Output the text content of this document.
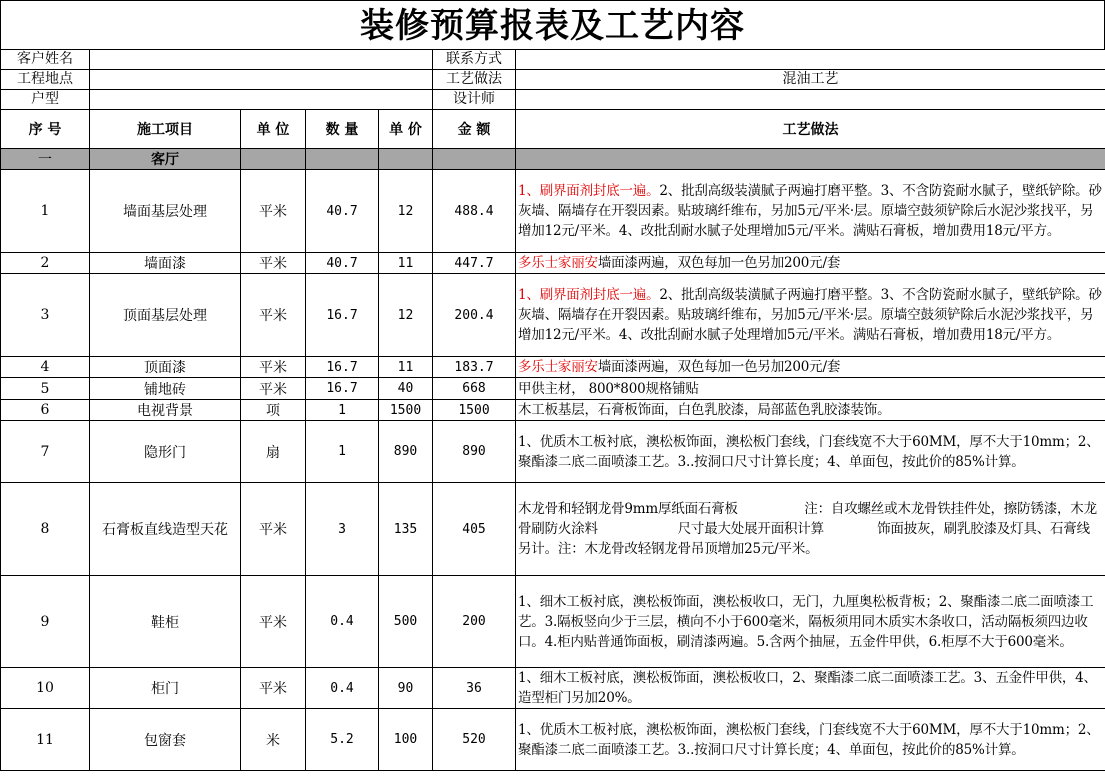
装修预算报表及工艺内容
客户姓名					联系方式	
工程地点					工艺做法	混油工艺
户型					设计师	
序 号	施工项目	单 位	数 量	单 价	金 额	工艺做法
一	客厅					
1	墙面基层处理	平米	40.7	12	488.4	1、刷界面剂封底一遍。2、批刮高级装潢腻子两遍打磨平整。3、不含防瓷耐水腻子，壁纸铲除。砂灰墙、隔墙存在开裂因素。贴玻璃纤维布，另加5元/平米·层。原墙空鼓须铲除后水泥沙浆找平，另增加12元/平米。4、改批刮耐水腻子处理增加5元/平米。满贴石膏板，增加费用18元/平方。
2	墙面漆	平米	40.7	11	447.7	多乐士家丽安墙面漆两遍，双色每加一色另加200元/套
3	顶面基层处理	平米	16.7	12	200.4	1、刷界面剂封底一遍。2、批刮高级装潢腻子两遍打磨平整。3、不含防瓷耐水腻子，壁纸铲除。砂灰墙、隔墙存在开裂因素。贴玻璃纤维布，另加5元/平米·层。原墙空鼓须铲除后水泥沙浆找平，另增加12元/平米。4、改批刮耐水腻子处理增加5元/平米。满贴石膏板，增加费用18元/平方。
4	顶面漆	平米	16.7	11	183.7	多乐士家丽安墙面漆两遍，双色每加一色另加200元/套
5	铺地砖	平米	16.7	40	668	甲供主材， 800*800规格铺贴
6	电视背景	项	1	1500	1500	木工板基层，石膏板饰面，白色乳胶漆，局部蓝色乳胶漆装饰。
7	隐形门	扇	1	890	890	1、优质木工板衬底，澳松板饰面，澳松板门套线，门套线宽不大于60MM，厚不大于10mm；2、聚酯漆二底二面喷漆工艺。3..按洞口尺寸计算长度；4、单面包，按此价的85%计算。
8	石膏板直线造型天花	平米	3	135	405	木龙骨和轻钢龙骨9mm厚纸面石膏板　　　　　注：自攻螺丝或木龙骨铁挂件处，擦防锈漆，木龙骨刷防火涂料　　　　　　尺寸最大处展开面积计算　　　　饰面披灰，刷乳胶漆及灯具、石膏线另计。注：木龙骨改轻钢龙骨吊顶增加25元/平米。
9	鞋柜	平米	0.4	500	200	1、细木工板衬底，澳松板饰面，澳松板收口，无门，九厘奥松板背板；2、聚酯漆二底二面喷漆工艺。3.隔板竖向少于三层，横向不小于600毫米，隔板须用同木质实木条收口，活动隔板须四边收口。4.柜内贴普通饰面板，刷清漆两遍。5.含两个抽屉，五金件甲供，6.柜厚不大于600毫米。
10	柜门	平米	0.4	90	36	1、细木工板衬底，澳松板饰面，澳松板收口，2、聚酯漆二底二面喷漆工艺。3、五金件甲供，4、造型柜门另加20%。
11	包窗套	米	5.2	100	520	1、优质木工板衬底，澳松板饰面，澳松板门套线，门套线宽不大于60MM，厚不大于10mm；2、聚酯漆二底二面喷漆工艺。3..按洞口尺寸计算长度；4、单面包，按此价的85%计算。
